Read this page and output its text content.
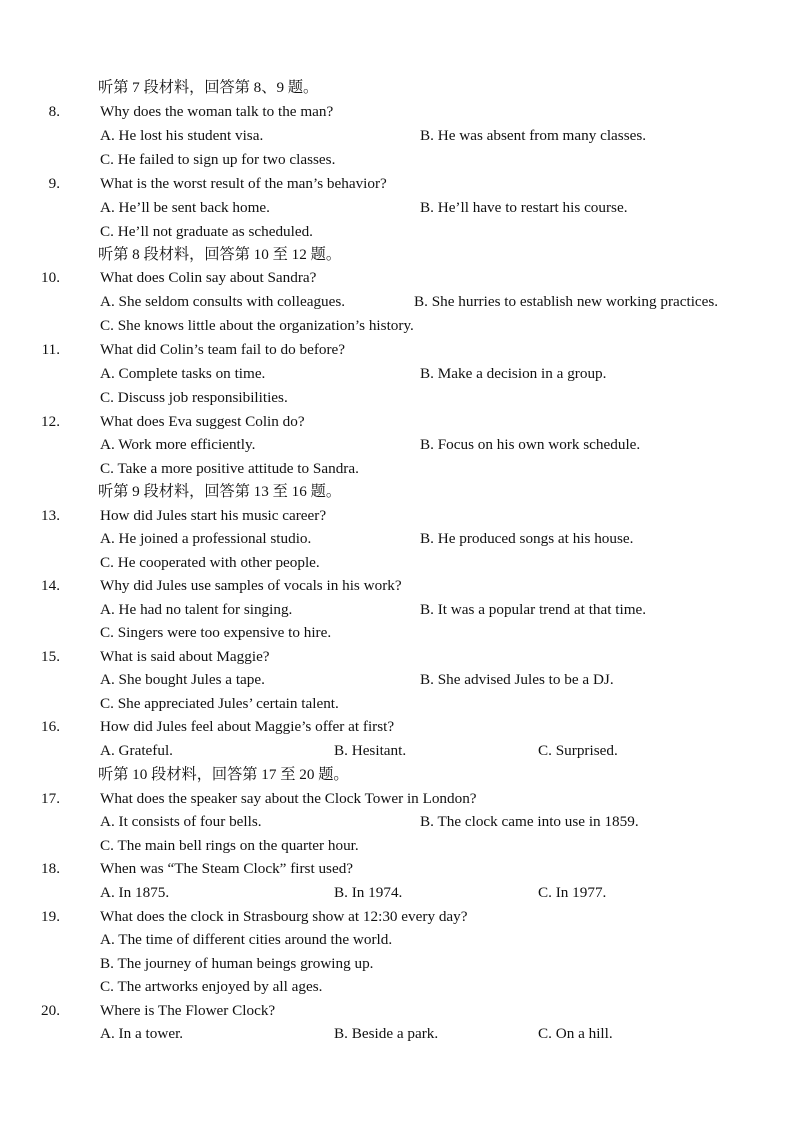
听第 7 段材料，回答第 8、9 题。
8.	Why does the woman talk to the man?
A. He lost his student visa.	B. He was absent from many classes.
C. He failed to sign up for two classes.
9.	What is the worst result of the man’s behavior?
A. He’ll be sent back home.	B. He’ll have to restart his course.
C. He’ll not graduate as scheduled.
听第 8 段材料，回答第 10 至 12 题。
10.	What does Colin say about Sandra?
A. She seldom consults with colleagues.	B. She hurries to establish new working practices.
C. She knows little about the organization’s history.
11.	What did Colin’s team fail to do before?
A. Complete tasks on time.	B. Make a decision in a group.
C. Discuss job responsibilities.
12.	What does Eva suggest Colin do?
A. Work more efficiently.	B. Focus on his own work schedule.
C. Take a more positive attitude to Sandra.
听第 9 段材料，回答第 13 至 16 题。
13.	How did Jules start his music career?
A. He joined a professional studio.	B. He produced songs at his house.
C. He cooperated with other people.
14.	Why did Jules use samples of vocals in his work?
A. He had no talent for singing.	B. It was a popular trend at that time.
C. Singers were too expensive to hire.
15.	What is said about Maggie?
A. She bought Jules a tape.	B. She advised Jules to be a DJ.
C. She appreciated Jules’ certain talent.
16.	How did Jules feel about Maggie’s offer at first?
A. Grateful.	B. Hesitant.	C. Surprised.
听第 10 段材料，回答第 17 至 20 题。
17.	What does the speaker say about the Clock Tower in London?
A. It consists of four bells.	B. The clock came into use in 1859.
C. The main bell rings on the quarter hour.
18.	When was “The Steam Clock” first used?
A. In 1875.	B. In 1974.	C. In 1977.
19.	What does the clock in Strasbourg show at 12:30 every day?
A. The time of different cities around the world.
B. The journey of human beings growing up.
C. The artworks enjoyed by all ages.
20.	Where is The Flower Clock?
A. In a tower.	B. Beside a park.	C. On a hill.
